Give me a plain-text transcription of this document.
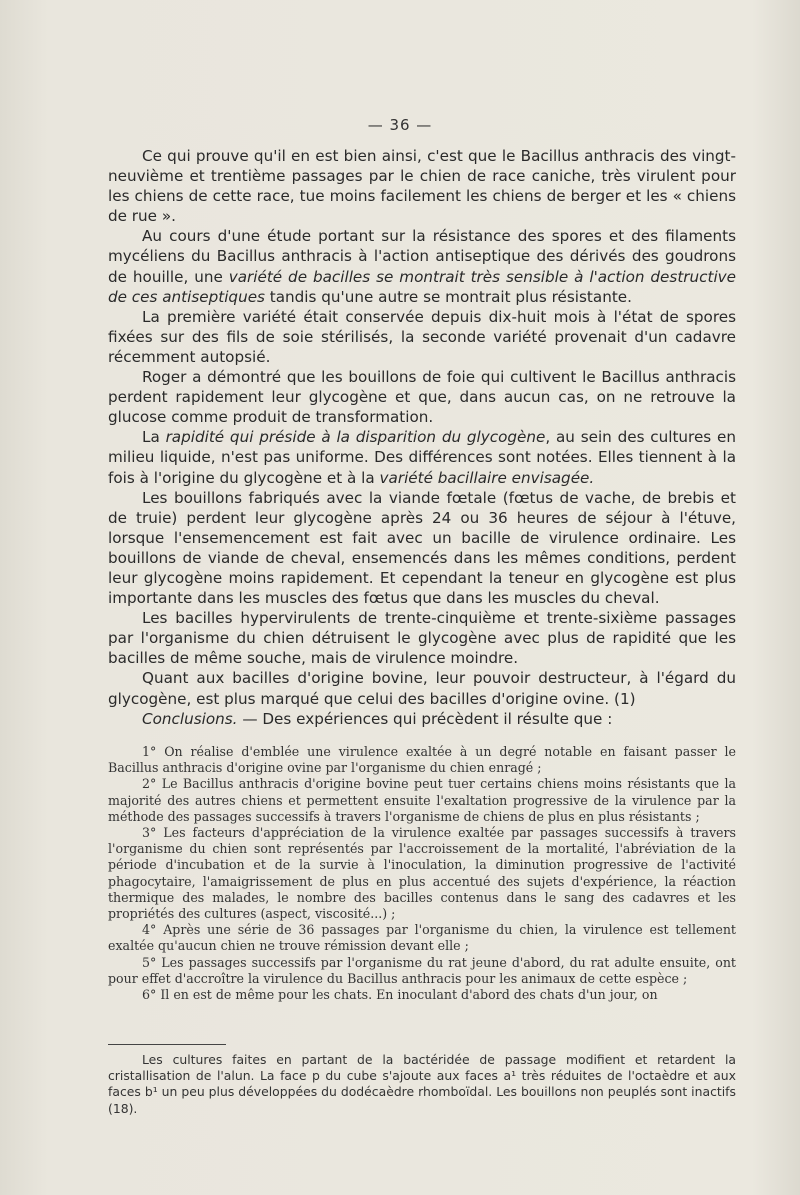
— 36 —

Ce qui prouve qu'il en est bien ainsi, c'est que le Bacillus anthracis des vingt-neuvième et trentième passages par le chien de race caniche, très virulent pour les chiens de cette race, tue moins facilement les chiens de berger et les « chiens de rue ».

Au cours d'une étude portant sur la résistance des spores et des filaments mycéliens du Bacillus anthracis à l'action antiseptique des dérivés des goudrons de houille, une variété de bacilles se montrait très sensible à l'action destructive de ces antiseptiques tandis qu'une autre se montrait plus résistante.

La première variété était conservée depuis dix-huit mois à l'état de spores fixées sur des fils de soie stérilisés, la seconde variété provenait d'un cadavre récemment autopsié.

Roger a démontré que les bouillons de foie qui cultivent le Bacillus anthracis perdent rapidement leur glycogène et que, dans aucun cas, on ne retrouve la glucose comme produit de transformation.

La rapidité qui préside à la disparition du glycogène, au sein des cultures en milieu liquide, n'est pas uniforme. Des différences sont notées. Elles tiennent à la fois à l'origine du glycogène et à la variété bacillaire envisagée.

Les bouillons fabriqués avec la viande fœtale (fœtus de vache, de brebis et de truie) perdent leur glycogène après 24 ou 36 heures de séjour à l'étuve, lorsque l'ensemencement est fait avec un bacille de virulence ordinaire. Les bouillons de viande de cheval, ensemencés dans les mêmes conditions, perdent leur glycogène moins rapidement. Et cependant la teneur en glycogène est plus importante dans les muscles des fœtus que dans les muscles du cheval.

Les bacilles hypervirulents de trente-cinquième et trente-sixième passages par l'organisme du chien détruisent le glycogène avec plus de rapidité que les bacilles de même souche, mais de virulence moindre.

Quant aux bacilles d'origine bovine, leur pouvoir destructeur, à l'égard du glycogène, est plus marqué que celui des bacilles d'origine ovine. (1)

Conclusions. — Des expériences qui précèdent il résulte que :

1° On réalise d'emblée une virulence exaltée à un degré notable en faisant passer le Bacillus anthracis d'origine ovine par l'organisme du chien enragé ;

2° Le Bacillus anthracis d'origine bovine peut tuer certains chiens moins résistants que la majorité des autres chiens et permettent ensuite l'exaltation progressive de la virulence par la méthode des passages successifs à travers l'organisme de chiens de plus en plus résistants ;

3° Les facteurs d'appréciation de la virulence exaltée par passages successifs à travers l'organisme du chien sont représentés par l'accroissement de la mortalité, l'abréviation de la période d'incubation et de la survie à l'inoculation, la diminution progressive de l'activité phagocytaire, l'amaigrissement de plus en plus accentué des sujets d'expérience, la réaction thermique des malades, le nombre des bacilles contenus dans le sang des cadavres et les propriétés des cultures (aspect, viscosité...) ;

4° Après une série de 36 passages par l'organisme du chien, la virulence est tellement exaltée qu'aucun chien ne trouve rémission devant elle ;

5° Les passages successifs par l'organisme du rat jeune d'abord, du rat adulte ensuite, ont pour effet d'accroître la virulence du Bacillus anthracis pour les animaux de cette espèce ;

6° Il en est de même pour les chats. En inoculant d'abord des chats d'un jour, on

Les cultures faites en partant de la bactéridée de passage modifient et retardent la cristallisation de l'alun. La face p du cube s'ajoute aux faces a¹ très réduites de l'octaèdre et aux faces b¹ un peu plus développées du dodécaèdre rhomboïdal. Les bouillons non peuplés sont inactifs (18).
